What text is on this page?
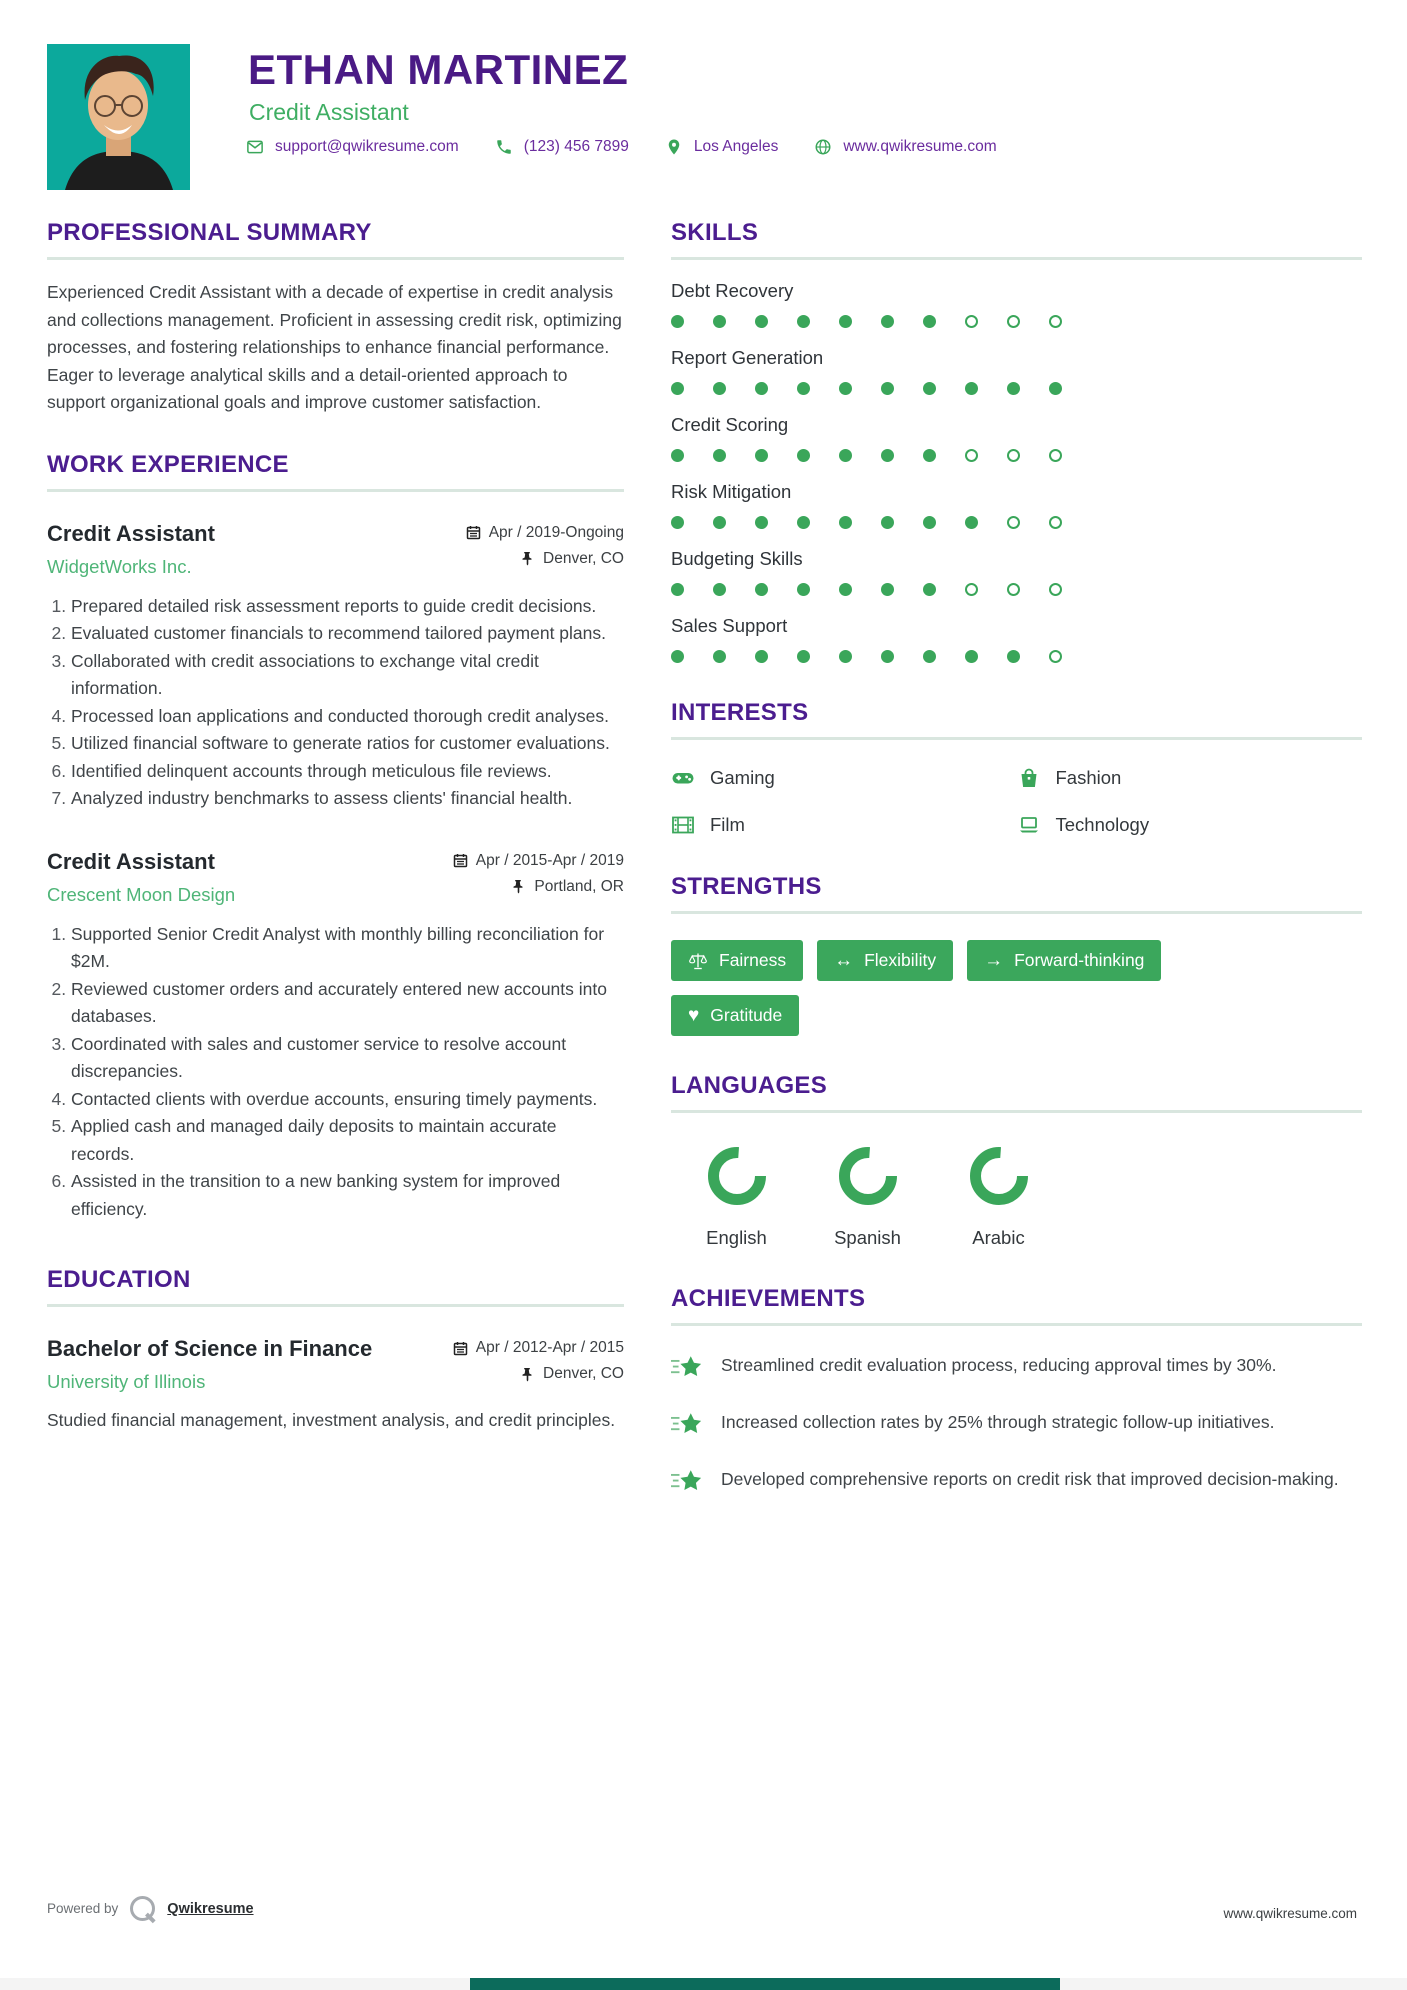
ETHAN MARTINEZ
Credit Assistant
support@qwikresume.com	(123) 456 7899	Los Angeles	www.qwikresume.com
PROFESSIONAL SUMMARY

Experienced Credit Assistant with a decade of expertise in credit analysis and collections management. Proficient in assessing credit risk, optimizing processes, and fostering relationships to enhance financial performance. Eager to leverage analytical skills and a detail-oriented approach to support organizational goals and improve customer satisfaction.

WORK EXPERIENCE
Credit Assistant
WidgetWorks Inc.
Apr / 2019-Ongoing
Denver, CO
1. Prepared detailed risk assessment reports to guide credit decisions.
2. Evaluated customer financials to recommend tailored payment plans.
3. Collaborated with credit associations to exchange vital credit information.
4. Processed loan applications and conducted thorough credit analyses.
5. Utilized financial software to generate ratios for customer evaluations.
6. Identified delinquent accounts through meticulous file reviews.
7. Analyzed industry benchmarks to assess clients' financial health.
Credit Assistant
Crescent Moon Design
Apr / 2015-Apr / 2019
Portland, OR
1. Supported Senior Credit Analyst with monthly billing reconciliation for $2M.
2. Reviewed customer orders and accurately entered new accounts into databases.
3. Coordinated with sales and customer service to resolve account discrepancies.
4. Contacted clients with overdue accounts, ensuring timely payments.
5. Applied cash and managed daily deposits to maintain accurate records.
6. Assisted in the transition to a new banking system for improved efficiency.
EDUCATION
Bachelor of Science in Finance
University of Illinois
Apr / 2012-Apr / 2015
Denver, CO

Studied financial management, investment analysis, and credit principles.

SKILLS
Debt Recovery
Report Generation
Credit Scoring
Risk Mitigation
Budgeting Skills
Sales Support
INTERESTS
Gaming	Fashion
Film	Technology
STRENGTHS
Fairness	↔ Flexibility	→ Forward-thinking
♥ Gratitude
LANGUAGES
English	Spanish	Arabic
ACHIEVEMENTS
Streamlined credit evaluation process, reducing approval times by 30%.
Increased collection rates by 25% through strategic follow-up initiatives.
Developed comprehensive reports on credit risk that improved decision-making.
Powered by	Qwikresume	www.qwikresume.com
